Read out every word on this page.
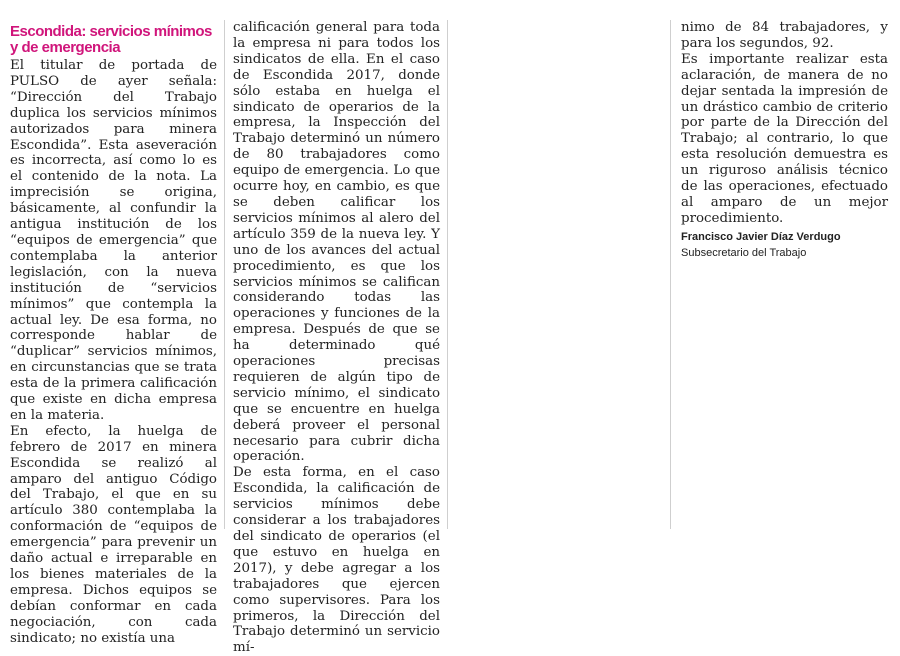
Escondida: servicios mínimos y de emergencia

El titular de portada de PULSO de ayer señala: “Dirección del Trabajo duplica los servicios mínimos autorizados para minera Escondida”. Esta aseveración es incorrecta, así como lo es el contenido de la nota. La imprecisión se origina, básicamente, al confundir la antigua institución de los “equipos de emergencia” que contemplaba la anterior legislación, con la nueva institución de “servicios mínimos” que contempla la actual ley. De esa forma, no corresponde hablar de “duplicar” servicios mínimos, en circunstancias que se trata esta de la primera calificación que existe en dicha empresa en la materia.

En efecto, la huelga de febrero de 2017 en minera Escondida se realizó al amparo del antiguo Código del Trabajo, el que en su artículo 380 contemplaba la conformación de “equipos de emergencia” para prevenir un daño actual e irreparable en los bienes materiales de la empresa. Dichos equipos se debían conformar en cada negociación, con cada sindicato; no existía una

calificación general para toda la empresa ni para todos los sindicatos de ella. En el caso de Escondida 2017, donde sólo estaba en huelga el sindicato de operarios de la empresa, la Inspección del Trabajo determinó un número de 80 trabajadores como equipo de emergencia. Lo que ocurre hoy, en cambio, es que se deben calificar los servicios mínimos al alero del artículo 359 de la nueva ley. Y uno de los avances del actual procedimiento, es que los servicios mínimos se califican considerando todas las operaciones y funciones de la empresa. Después de que se ha determinado qué operaciones precisas requieren de algún tipo de servicio mínimo, el sindicato que se encuentre en huelga deberá proveer el personal necesario para cubrir dicha operación.

De esta forma, en el caso Escondida, la calificación de servicios mínimos debe considerar a los trabajadores del sindicato de operarios (el que estuvo en huelga en 2017), y debe agregar a los trabajadores que ejercen como supervisores. Para los primeros, la Dirección del Trabajo determinó un servicio mí-

nimo de 84 trabajadores, y para los segundos, 92.

Es importante realizar esta aclaración, de manera de no dejar sentada la impresión de un drástico cambio de criterio por parte de la Dirección del Trabajo; al contrario, lo que esta resolución demuestra es un riguroso análisis técnico de las operaciones, efectuado al amparo de un mejor procedimiento.

Francisco Javier Díaz Verdugo
Subsecretario del Trabajo
